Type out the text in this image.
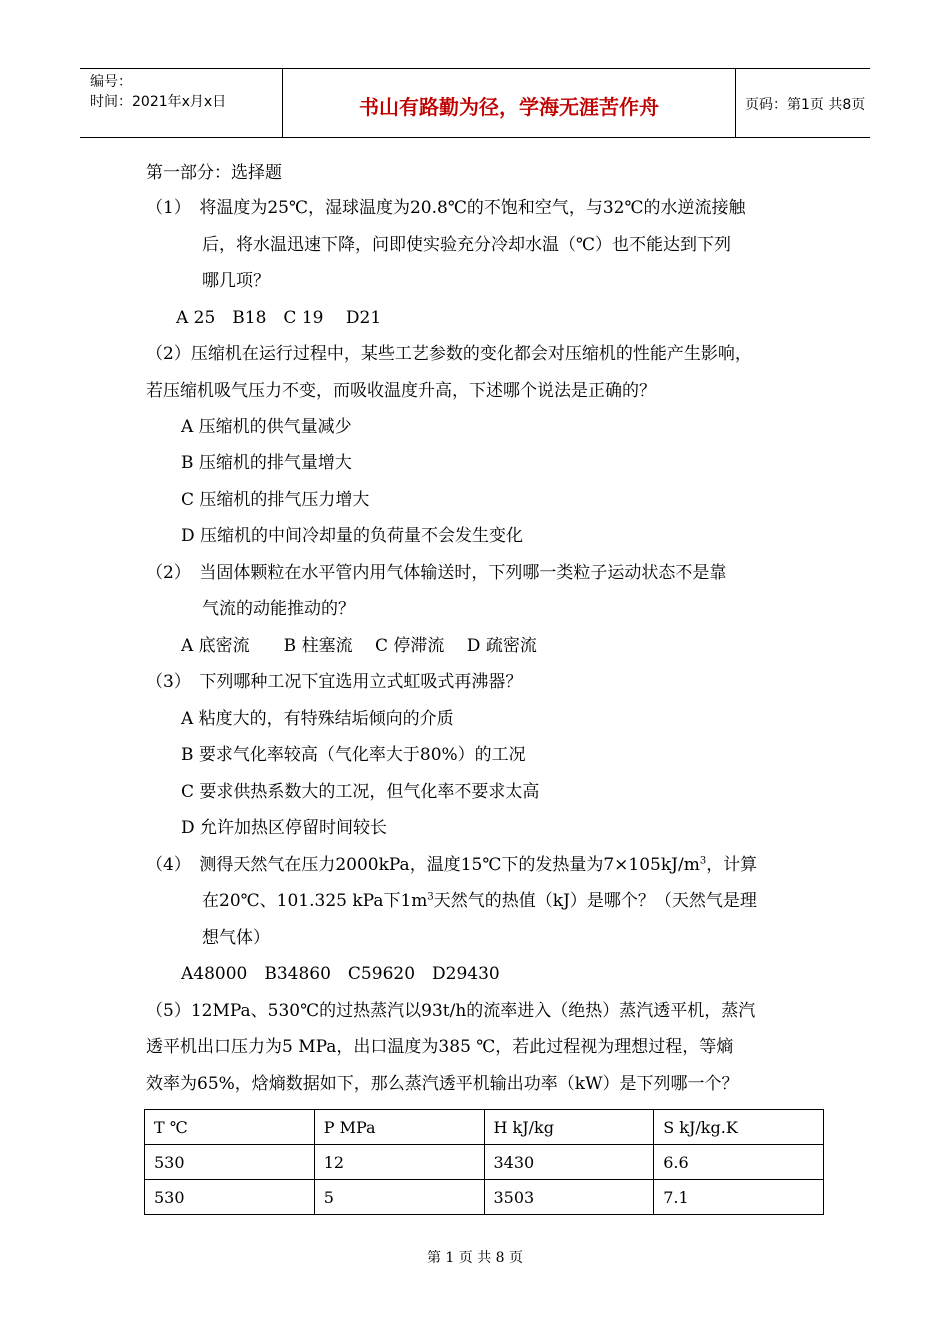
编号：
时间：2021年x月x日	书山有路勤为径，学海无涯苦作舟	页码：第1页 共8页
第一部分：选择题
（1）　将温度为25℃，湿球温度为20.8℃的不饱和空气，与32℃的水逆流接触
后，将水温迅速下降，问即使实验充分冷却水温（℃）也不能达到下列
哪几项？
A 25　B18　C 19　 D21
（2）压缩机在运行过程中，某些工艺参数的变化都会对压缩机的性能产生影响，
若压缩机吸气压力不变，而吸收温度升高，下述哪个说法是正确的？
A 压缩机的供气量减少
B 压缩机的排气量增大
C 压缩机的排气压力增大
D 压缩机的中间冷却量的负荷量不会发生变化
（2）　当固体颗粒在水平管内用气体输送时，下列哪一类粒子运动状态不是靠
气流的动能推动的？
A 底密流　　B 柱塞流　 C 停滞流　 D 疏密流
（3）　下列哪种工况下宜选用立式虹吸式再沸器？
A 粘度大的，有特殊结垢倾向的介质
B 要求气化率较高（气化率大于80%）的工况
C 要求供热系数大的工况，但气化率不要求太高
D 允许加热区停留时间较长
（4）　测得天然气在压力2000kPa，温度15℃下的发热量为$7\times 105kJ/m^3$，计算
在20℃、101.325 kPa下$1m^3$天然气的热值（kJ）是哪个？（天然气是理
想气体）
A48000　B34860　C59620　D29430
（5）12MPa、530℃的过热蒸汽以93t/h的流率进入（绝热）蒸汽透平机，蒸汽
透平机出口压力为5 MPa，出口温度为385 ℃，若此过程视为理想过程，等熵
效率为65%，焓熵数据如下，那么蒸汽透平机输出功率（kW）是下列哪一个？
T ℃	P MPa	H kJ/kg	S kJ/kg.K
530	12	3430	6.6
530	5	3503	7.1
第 1 页 共 8 页
